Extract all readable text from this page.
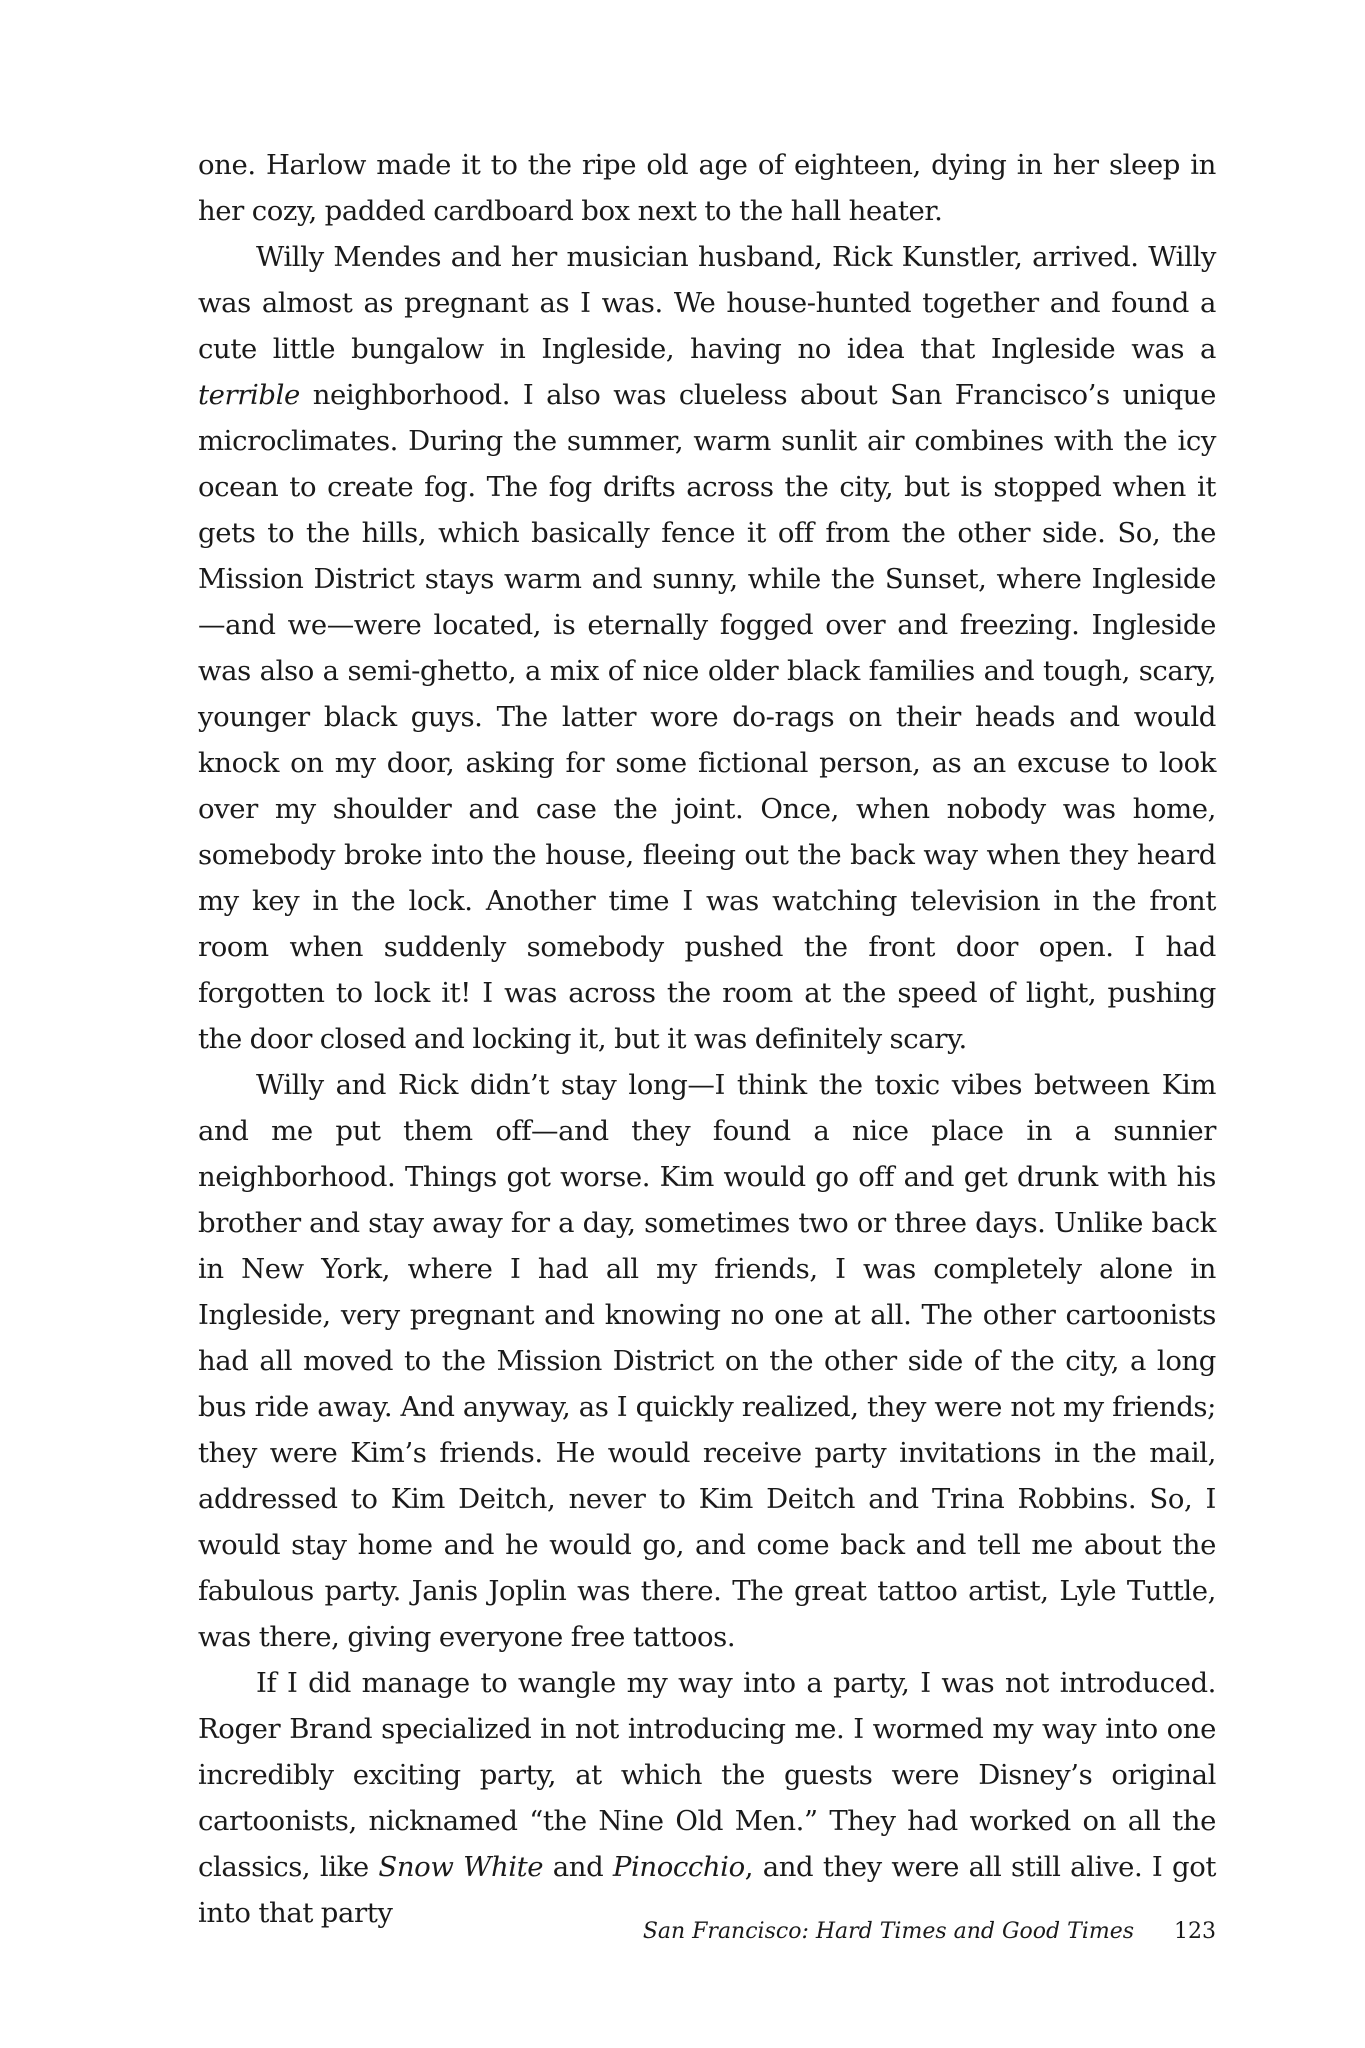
one. Harlow made it to the ripe old age of eighteen, dying in her sleep in her cozy, padded cardboard box next to the hall heater.

Willy Mendes and her musician husband, Rick Kunstler, arrived. Willy was almost as pregnant as I was. We house-hunted together and found a cute little bungalow in Ingleside, having no idea that Ingleside was a terrible neighborhood. I also was clueless about San Francisco’s unique microclimates. During the summer, warm sunlit air combines with the icy ocean to create fog. The fog drifts across the city, but is stopped when it gets to the hills, which basically fence it off from the other side. So, the Mission District stays warm and sunny, while the Sunset, where Ingleside—and we—were located, is eternally fogged over and freezing. Ingleside was also a semi-ghetto, a mix of nice older black families and tough, scary, younger black guys. The latter wore do-rags on their heads and would knock on my door, asking for some fictional person, as an excuse to look over my shoulder and case the joint. Once, when nobody was home, somebody broke into the house, fleeing out the back way when they heard my key in the lock. Another time I was watching television in the front room when suddenly somebody pushed the front door open. I had forgotten to lock it! I was across the room at the speed of light, pushing the door closed and locking it, but it was definitely scary.

Willy and Rick didn’t stay long—I think the toxic vibes between Kim and me put them off—and they found a nice place in a sunnier neighborhood. Things got worse. Kim would go off and get drunk with his brother and stay away for a day, sometimes two or three days. Unlike back in New York, where I had all my friends, I was completely alone in Ingleside, very pregnant and knowing no one at all. The other cartoonists had all moved to the Mission District on the other side of the city, a long bus ride away. And anyway, as I quickly realized, they were not my friends; they were Kim’s friends. He would receive party invitations in the mail, addressed to Kim Deitch, never to Kim Deitch and Trina Robbins. So, I would stay home and he would go, and come back and tell me about the fabulous party. Janis Joplin was there. The great tattoo artist, Lyle Tuttle, was there, giving everyone free tattoos.

If I did manage to wangle my way into a party, I was not introduced. Roger Brand specialized in not introducing me. I wormed my way into one incredibly exciting party, at which the guests were Disney’s original cartoonists, nicknamed “the Nine Old Men.” They had worked on all the classics, like Snow White and Pinocchio, and they were all still alive. I got into that party

San Francisco: Hard Times and Good Times 123
